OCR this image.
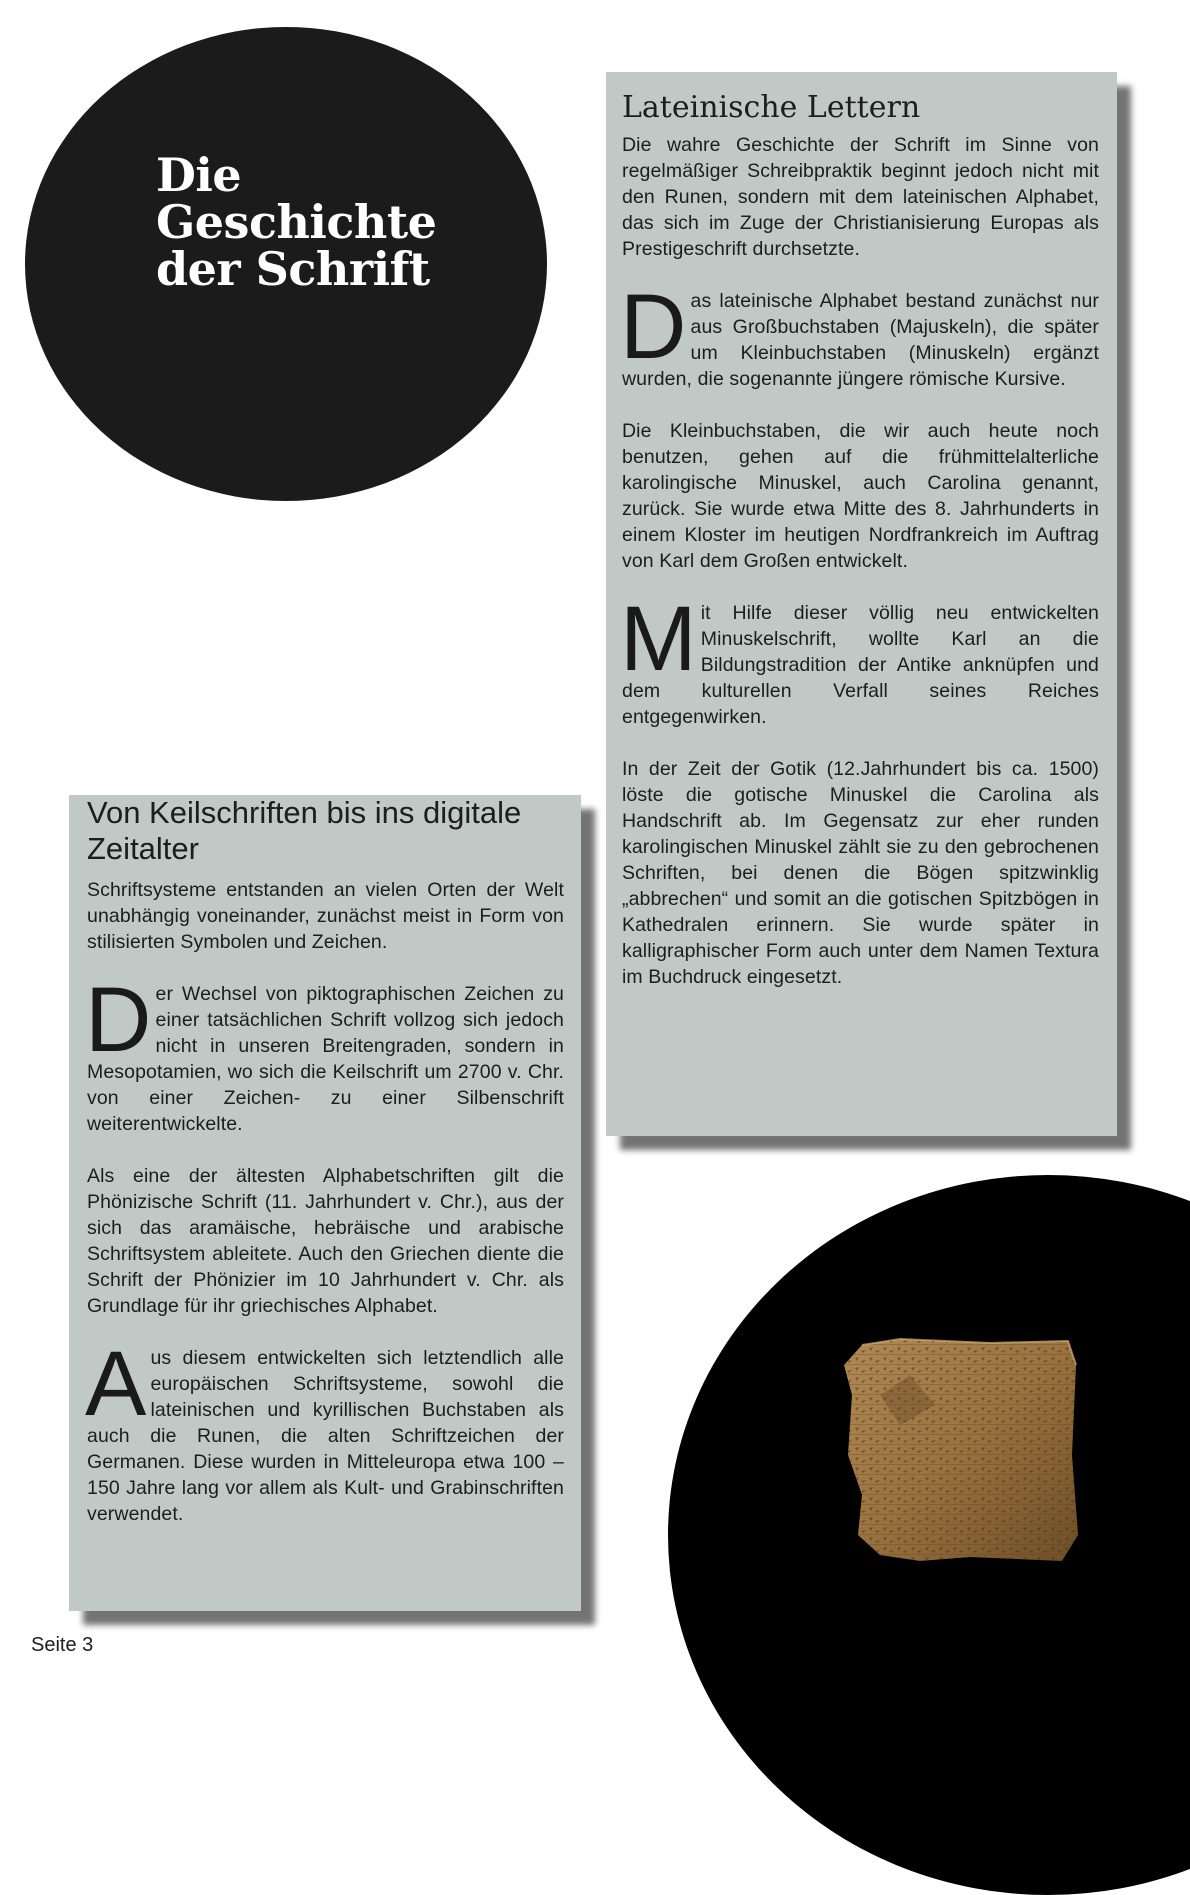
Die
Geschichte
der Schrift
Lateinische Lettern

Die wahre Geschichte der Schrift im Sinne von regelmäßiger Schreibpraktik beginnt jedoch nicht mit den Runen, sondern mit dem lateinischen Alphabet, das sich im Zuge der Christianisierung Europas als Prestigeschrift durchsetzte.

Das lateinische Alphabet bestand zunächst nur aus Großbuchstaben (Majuskeln), die später um Kleinbuchstaben (Minuskeln) ergänzt wurden, die sogenannte jüngere römische Kursive.

Die Kleinbuchstaben, die wir auch heute noch benutzen, gehen auf die frühmittelalterliche karolingische Minuskel, auch Carolina genannt, zurück. Sie wurde etwa Mitte des 8. Jahrhunderts in einem Kloster im heutigen Nordfrankreich im Auftrag von Karl dem Großen entwickelt.

Mit Hilfe dieser völlig neu entwickelten Minuskelschrift, wollte Karl an die Bildungstradition der Antike anknüpfen und dem kulturellen Verfall seines Reiches entgegenwirken.

In der Zeit der Gotik (12.Jahrhundert bis ca. 1500) löste die gotische Minuskel die Carolina als Handschrift ab. Im Gegensatz zur eher runden karolingischen Minuskel zählt sie zu den gebrochenen Schriften, bei denen die Bögen spitzwinklig „abbrechen“ und somit an die gotischen Spitzbögen in Kathedralen erinnern. Sie wurde später in kalligraphischer Form auch unter dem Namen Textura im Buchdruck eingesetzt.

Von Keilschriften bis ins digitale Zeitalter

Schriftsysteme entstanden an vielen Orten der Welt unabhängig voneinander, zunächst meist in Form von stilisierten Symbolen und Zeichen.

Der Wechsel von piktographischen Zeichen zu einer tatsächlichen Schrift vollzog sich jedoch nicht in unseren Breitengraden, sondern in Mesopotamien, wo sich die Keilschrift um 2700 v. Chr. von einer Zeichen- zu einer Silbenschrift weiterentwickelte.

Als eine der ältesten Alphabetschriften gilt die Phönizische Schrift (11. Jahrhundert v. Chr.), aus der sich das aramäische, hebräische und arabische Schriftsystem ableitete. Auch den Griechen diente die Schrift der Phönizier im 10 Jahrhundert v. Chr. als Grundlage für ihr griechisches Alphabet.

Aus diesem entwickelten sich letztendlich alle europäischen Schriftsysteme, sowohl die lateinischen und kyrillischen Buchstaben als auch die Runen, die alten Schriftzeichen der Germanen. Diese wurden in Mitteleuropa etwa 100 – 150 Jahre lang vor allem als Kult- und Grabinschriften verwendet.

Seite 3
